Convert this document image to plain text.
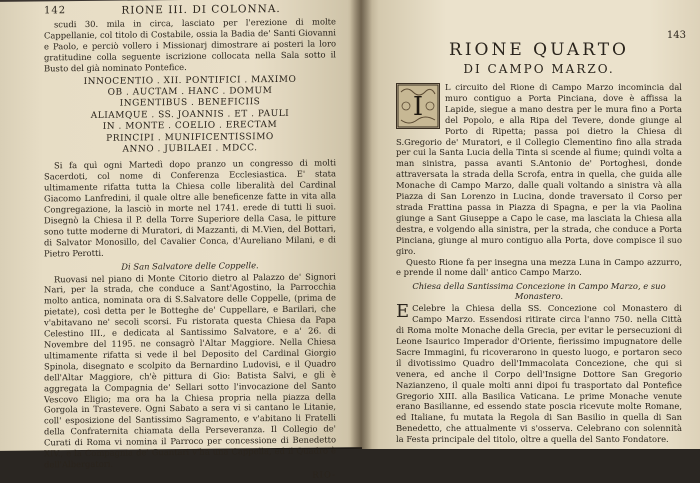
142	RIONE III. DI COLONNA.

scudi 30. mila in circa, lasciato per l'erezione di molte Cappellanie, col titolo di Costabile, ossia la Badia de' Santi Giovanni e Paolo, e perciò vollero i Missionarj dimostrare ai posteri la loro gratitudine colla seguente iscrizione collocata nella Sala sotto il Busto del già nominato Pontefice.

INNOCENTIO . XII. PONTIFICI . MAXIMO
OB . AUCTAM . HANC . DOMUM
INGENTIBUS . BENEFICIIS
ALIAMQUE . SS. JOANNIS . ET . PAULI
IN . MONTE . COELIO . ERECTAM
PRINCIPI . MUNIFICENTISSIMO
ANNO . JUBILAEI . MDCC.

Si fa quì ogni Martedì dopo pranzo un congresso di molti Sacerdoti, col nome di Conferenza Ecclesiastica. E' stata ultimamente rifatta tutta la Chiesa colle liberalità del Cardinal Giacomo Lanfredini, il quale oltre alle beneficenze fatte in vita alla Congregazione, la lasciò in morte nel 1741. erede di tutti li suoi. Disegnò la Chiesa il P. della Torre Superiore della Casa, le pitture sono tutte moderne di Muratori, di Mazzanti, di M.Vien, del Bottari, di Salvator Monosillo, del Cavalier Conca, d'Aureliano Milani, e di Pietro Perotti.

Di San Salvatore delle Coppelle.

Ruovasi nel piano di Monte Citorio dietro al Palazzo de' Signori Nari, per la strada, che conduce a Sant'Agostino, la Parrocchia molto antica, nominata ora di S.Salvatore delle Coppelle, (prima de pietate), così detta per le Botteghe de' Cuppellare, e Barilari, che v'abitavano ne' secoli scorsi. Fu ristorata questa Chiesa da Papa Celestino III., e dedicata al Santissimo Salvatore, e a' 26. di Novembre del 1195. ne consagrò l'Altar Maggiore. Nella Chiesa ultimamente rifatta si vede il bel Deposito del Cardinal Giorgio Spinola, disegnato e scolpito da Bernardino Ludovisi, e il Quadro dell'Altar Maggiore, ch'è pittura di Gio: Batista Salvi, e gli è aggregata la Compagnia de' Sellari sotto l'invocazione del Santo Vescovo Eligio; ma ora ha la Chiesa propria nella piazza della Gorgola in Trastevere. Ogni Sabato a sera vi si cantano le Litanie, coll' esposizione del Santissimo Sagramento, e v'abitano li Fratelli della Confraternita chiamata della Perseveranza. Il Collegio de' Curati di Roma vi nomina il Parroco per concessione di Benedetto XIV., e la Compagnia de' Guantari v'ha una Cappella, ed il Quadro è dell'Albergatori.

RIO-
143
RIONE QUARTO
DI CAMPO MARZO.
I
L circuito del Rione di Campo Marzo incomincia dal muro contiguo a Porta Pinciana, dove è affissa la Lapide, siegue a mano destra per le mura fino a Porta del Popolo, e alla Ripa del Tevere, donde giunge al Porto di Ripetta; passa poi dietro la Chiesa di S.Gregorio de' Muratori, e il Collegio Clementino fino alla strada per cui la Santa Lucia della Tinta si scende al fiume; quindi volta a man sinistra, passa avanti S.Antonio de' Portoghesi, donde attraversata la strada della Scrofa, entra in quella, che guida alle Monache di Campo Marzo, dalle quali voltando a sinistra và alla Piazza di San Lorenzo in Lucina, donde traversato il Corso per strada Frattina passa in Piazza di Spagna, e per la via Paolina giunge a Sant Giuseppe a Capo le case, ma lasciata la Chiesa alla destra, e volgendo alla sinistra, per la strada, che conduce a Porta Pinciana, giunge al muro contiguo alla Porta, dove compisce il suo giro.

Questo Rione fa per insegna una mezza Luna in Campo azzurro, e prende il nome dall' antico Campo Marzo.

Chiesa della Santissima Concezione in Campo Marzo, e suo Monastero.
E Celebre la Chiesa della SS. Concezione col Monastero di Campo Marzo. Essendosi ritirate circa l'anno 750. nella Città di Roma molte Monache della Grecia, per evitar le persecuzioni di Leone Isaurico Imperador d'Oriente, fierissimo impugnatore delle Sacre Immagini, fu ricoverarono in questo luogo, e portaron seco il divotissimo Quadro dell'Immacolata Concezione, che qui si venera, ed anche il Corpo dell'Insigne Dottore San Gregorio Nazianzeno, il quale molti anni dipoi fu trasportato dal Pontefice Gregorio XIII. alla Basilica Vaticana. Le prime Monache venute erano Basilianne, ed essendo state poscia ricevute molte Romane, ed Italiane, fu mutata la Regola di San Basilio in quella di San Benedetto, che attualmente vi s'osserva. Celebrano con solennità la Festa principale del titolo, oltre a quella del Santo Fondatore.
